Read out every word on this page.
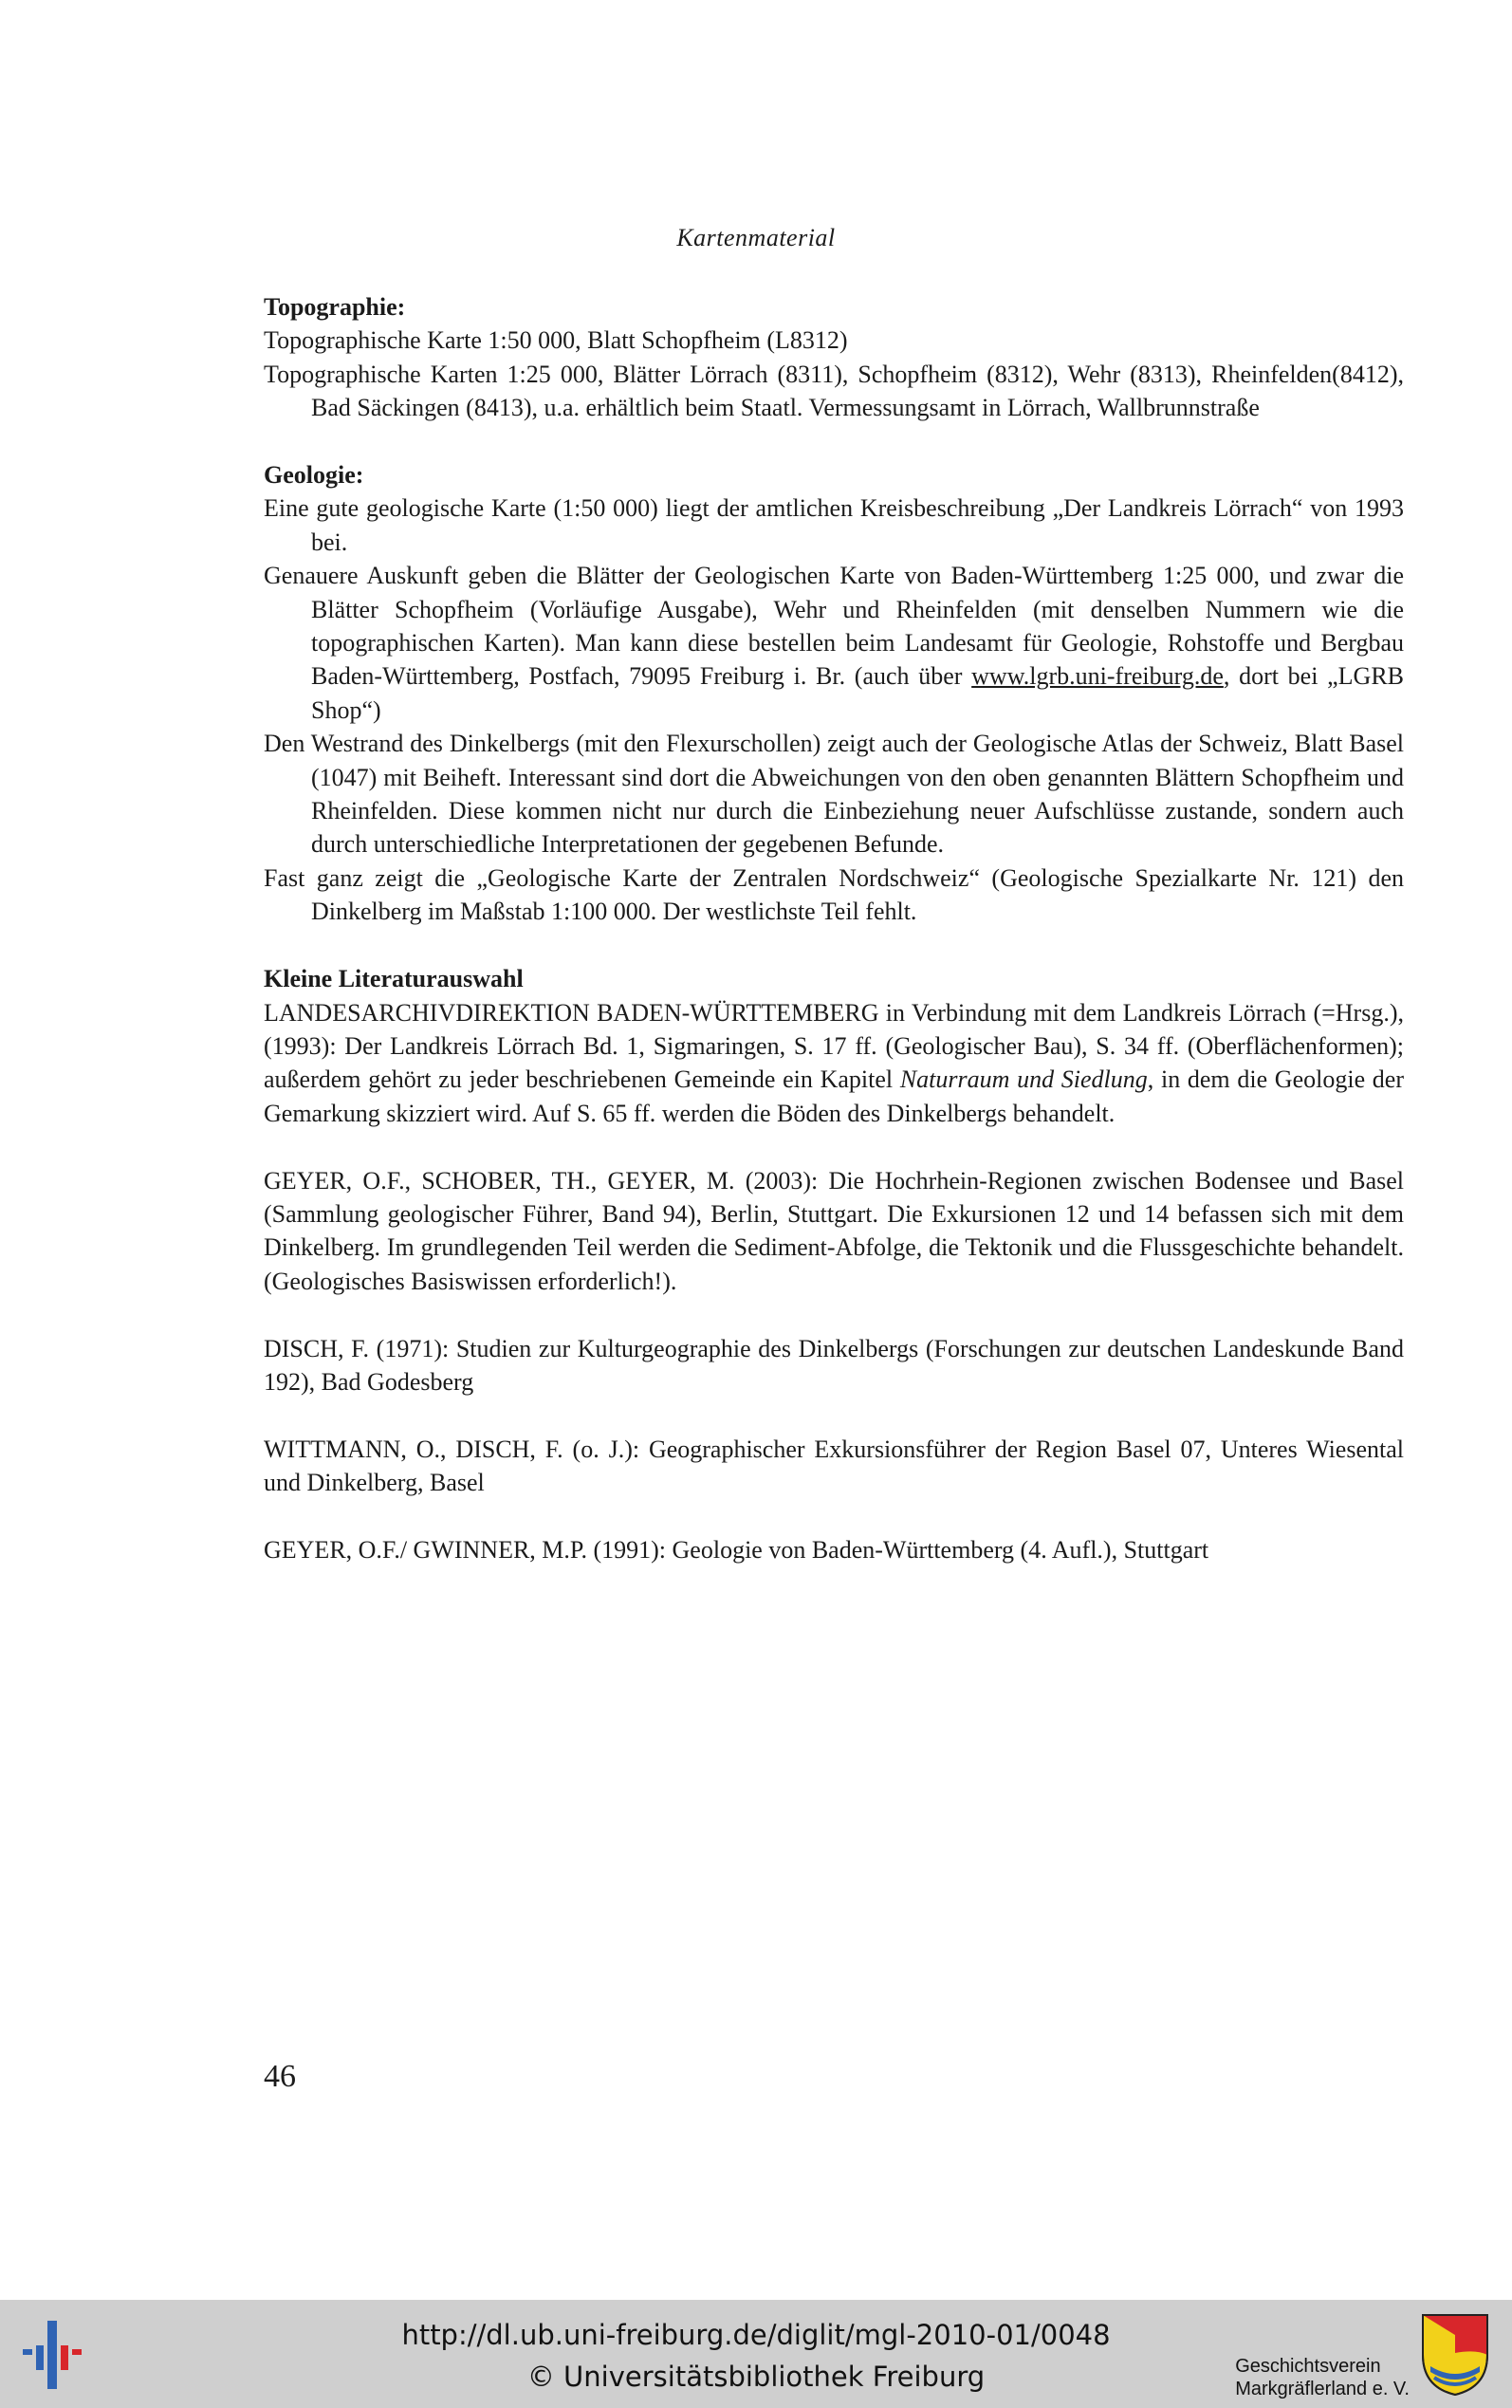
Kartenmaterial

Topographie:

Topographische Karte 1:50 000, Blatt Schopfheim (L8312)

Topographische Karten 1:25 000, Blätter Lörrach (8311), Schopfheim (8312), Wehr (8313), Rheinfelden(8412), Bad Säckingen (8413), u.a. erhältlich beim Staatl. Vermessungsamt in Lörrach, Wallbrunnstraße

Geologie:

Eine gute geologische Karte (1:50 000) liegt der amtlichen Kreisbeschreibung „Der Landkreis Lörrach“ von 1993 bei.

Genauere Auskunft geben die Blätter der Geologischen Karte von Baden-Württemberg 1:25 000, und zwar die Blätter Schopfheim (Vorläufige Ausgabe), Wehr und Rheinfelden (mit denselben Nummern wie die topographischen Karten). Man kann diese bestellen beim Landesamt für Geologie, Rohstoffe und Bergbau Baden-Württemberg, Postfach, 79095 Freiburg i. Br. (auch über www.lgrb.uni-freiburg.de, dort bei „LGRB Shop“)

Den Westrand des Dinkelbergs (mit den Flexurschollen) zeigt auch der Geologische Atlas der Schweiz, Blatt Basel (1047) mit Beiheft. Interessant sind dort die Abweichungen von den oben genannten Blättern Schopfheim und Rheinfelden. Diese kommen nicht nur durch die Einbeziehung neuer Aufschlüsse zustande, sondern auch durch unterschiedliche Interpretationen der gegebenen Befunde.

Fast ganz zeigt die „Geologische Karte der Zentralen Nordschweiz“ (Geologische Spezialkarte Nr. 121) den Dinkelberg im Maßstab 1:100 000. Der westlichste Teil fehlt.

Kleine Literaturauswahl

LANDESARCHIVDIREKTION BADEN-WÜRTTEMBERG in Verbindung mit dem Landkreis Lörrach (=Hrsg.), (1993): Der Landkreis Lörrach Bd. 1, Sigmaringen, S. 17 ff. (Geologischer Bau), S. 34 ff. (Oberflächenformen); außerdem gehört zu jeder beschriebenen Gemeinde ein Kapitel Naturraum und Siedlung, in dem die Geologie der Gemarkung skizziert wird. Auf S. 65 ff. werden die Böden des Dinkelbergs behandelt.

GEYER, O.F., SCHOBER, TH., GEYER, M. (2003): Die Hochrhein-Regionen zwischen Bodensee und Basel (Sammlung geologischer Führer, Band 94), Berlin, Stuttgart. Die Exkursionen 12 und 14 befassen sich mit dem Dinkelberg. Im grundlegenden Teil werden die Sediment-Abfolge, die Tektonik und die Flussgeschichte behandelt. (Geologisches Basiswissen erforderlich!).

DISCH, F. (1971): Studien zur Kulturgeographie des Dinkelbergs (Forschungen zur deutschen Landeskunde Band 192), Bad Godesberg

WITTMANN, O., DISCH, F. (o. J.): Geographischer Exkursionsführer der Region Basel 07, Unteres Wiesental und Dinkelberg, Basel

GEYER, O.F./ GWINNER, M.P. (1991): Geologie von Baden-Württemberg (4. Aufl.), Stuttgart

46
http://dl.ub.uni-freiburg.de/diglit/mgl-2010-01/0048
© Universitätsbibliothek Freiburg	Geschichtsverein
Markgräflerland e. V.
